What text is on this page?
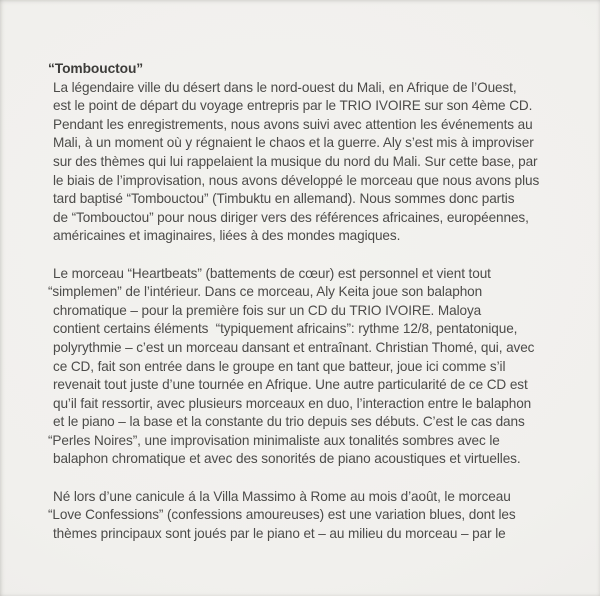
“Tombouctou”
La légendaire ville du désert dans le nord-ouest du Mali, en Afrique de l’Ouest,
est le point de départ du voyage entrepris par le TRIO IVOIRE sur son 4ème CD.
Pendant les enregistrements, nous avons suivi avec attention les événements au
Mali, à un moment où y régnaient le chaos et la guerre. Aly s’est mis à improviser
sur des thèmes qui lui rappelaient la musique du nord du Mali. Sur cette base, par
le biais de l’improvisation, nous avons développé le morceau que nous avons plus
tard baptisé “Tombouctou” (Timbuktu en allemand). Nous sommes donc partis
de “Tombouctou” pour nous diriger vers des références africaines, européennes,
américaines et imaginaires, liées à des mondes magiques.
Le morceau “Heartbeats” (battements de cœur) est personnel et vient tout
“simplemen” de l’intérieur. Dans ce morceau, Aly Keita joue son balaphon
chromatique – pour la première fois sur un CD du TRIO IVOIRE. Maloya
contient certains éléments  “typiquement africains”: rythme 12/8, pentatonique,
polyrythmie – c’est un morceau dansant et entraînant. Christian Thomé, qui, avec
ce CD, fait son entrée dans le groupe en tant que batteur, joue ici comme s’il
revenait tout juste d’une tournée en Afrique. Une autre particularité de ce CD est
qu’il fait ressortir, avec plusieurs morceaux en duo, l’interaction entre le balaphon
et le piano – la base et la constante du trio depuis ses débuts. C’est le cas dans
“Perles Noires”, une improvisation minimaliste aux tonalités sombres avec le
balaphon chromatique et avec des sonorités de piano acoustiques et virtuelles.
Né lors d’une canicule á la Villa Massimo à Rome au mois d’août, le morceau
“Love Confessions” (confessions amoureuses) est une variation blues, dont les
thèmes principaux sont joués par le piano et – au milieu du morceau – par le
